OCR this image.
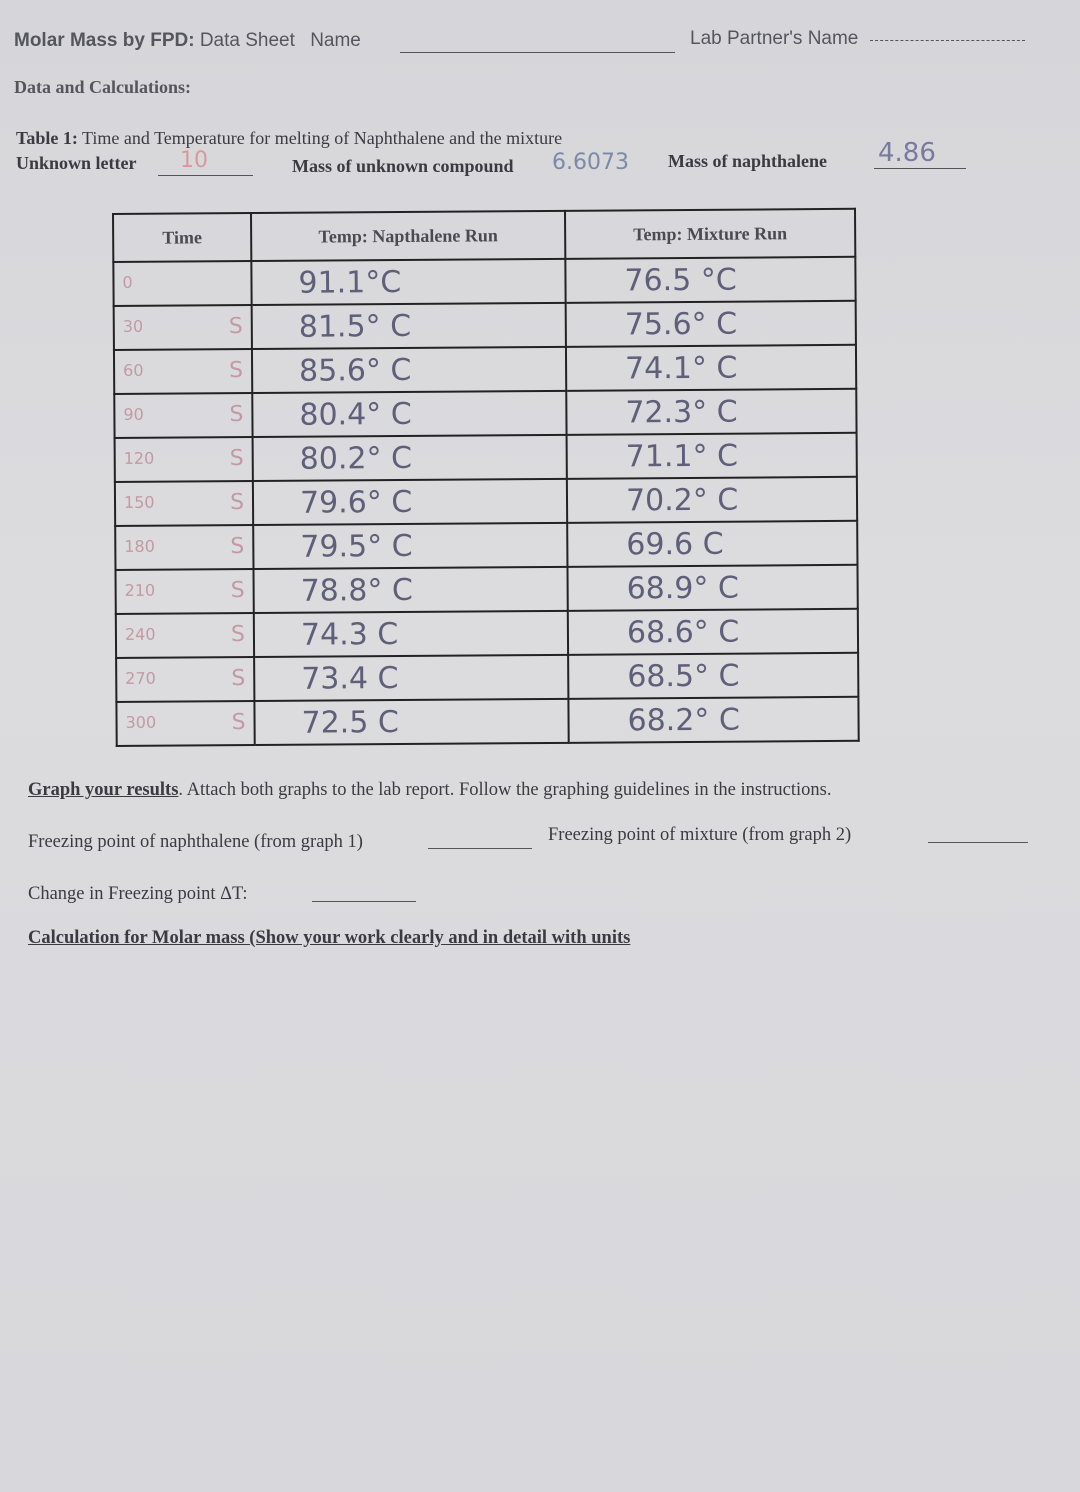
Molar Mass by FPD: Data Sheet Name	Lab Partner's Name
Data and Calculations:
Table 1: Time and Temperature for melting of Naphthalene and the mixture
Unknown letter 10	Mass of unknown compound 6.6073 Mass of naphthalene 4.86
Time	Temp: Napthalene Run	Temp: Mixture Run

0	91.1°C	76.5 °C

30 S	81.5° C	75.6° C

60 S	85.6° C	74.1° C

90 S	80.4° C	72.3° C

120 S	80.2° C	71.1° C

150 S	79.6° C	70.2° C

180 S	79.5° C	69.6 C

210 S	78.8° C	68.9° C

240 S	74.3 C	68.6° C

270 S	73.4 C	68.5° C

300 S	72.5 C	68.2° C
Graph your results. Attach both graphs to the lab report. Follow the graphing guidelines in the instructions.
Freezing point of naphthalene (from graph 1)	Freezing point of mixture (from graph 2)
Change in Freezing point ΔT:
Calculation for Molar mass (Show your work clearly and in detail with units
